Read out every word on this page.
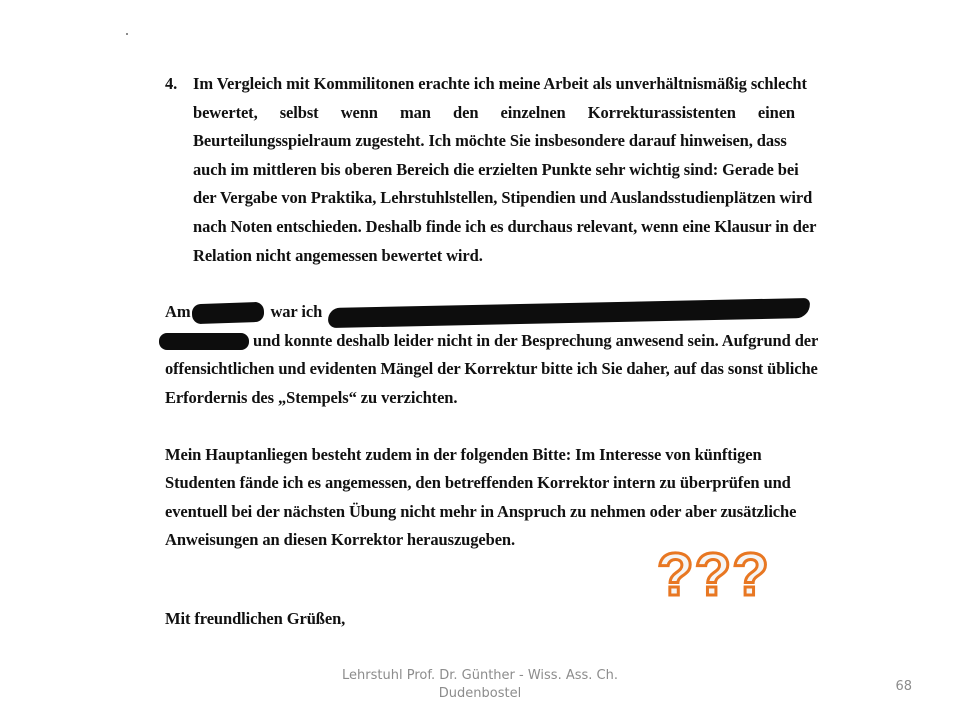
4. Im Vergleich mit Kommilitonen erachte ich meine Arbeit als unverhältnismäßig schlecht
bewertet, selbst wenn man den einzelnen Korrekturassistenten einen
Beurteilungsspielraum zugesteht. Ich möchte Sie insbesondere darauf hinweisen, dass
auch im mittleren bis oberen Bereich die erzielten Punkte sehr wichtig sind: Gerade bei
der Vergabe von Praktika, Lehrstuhlstellen, Stipendien und Auslandsstudienplätzen wird
nach Noten entschieden. Deshalb finde ich es durchaus relevant, wenn eine Klausur in der
Relation nicht angemessen bewertet wird.
Am	war ich
und konnte deshalb leider nicht in der Besprechung anwesend sein. Aufgrund der
offensichtlichen und evidenten Mängel der Korrektur bitte ich Sie daher, auf das sonst übliche
Erfordernis des „Stempels“ zu verzichten.
Mein Hauptanliegen besteht zudem in der folgenden Bitte: Im Interesse von künftigen
Studenten fände ich es angemessen, den betreffenden Korrektor intern zu überprüfen und
eventuell bei der nächsten Übung nicht mehr in Anspruch zu nehmen oder aber zusätzliche
Anweisungen an diesen Korrektor herauszugeben.
Mit freundlichen Grüßen,
???
Lehrstuhl Prof. Dr. Günther - Wiss. Ass. Ch.
Dudenbostel	68
